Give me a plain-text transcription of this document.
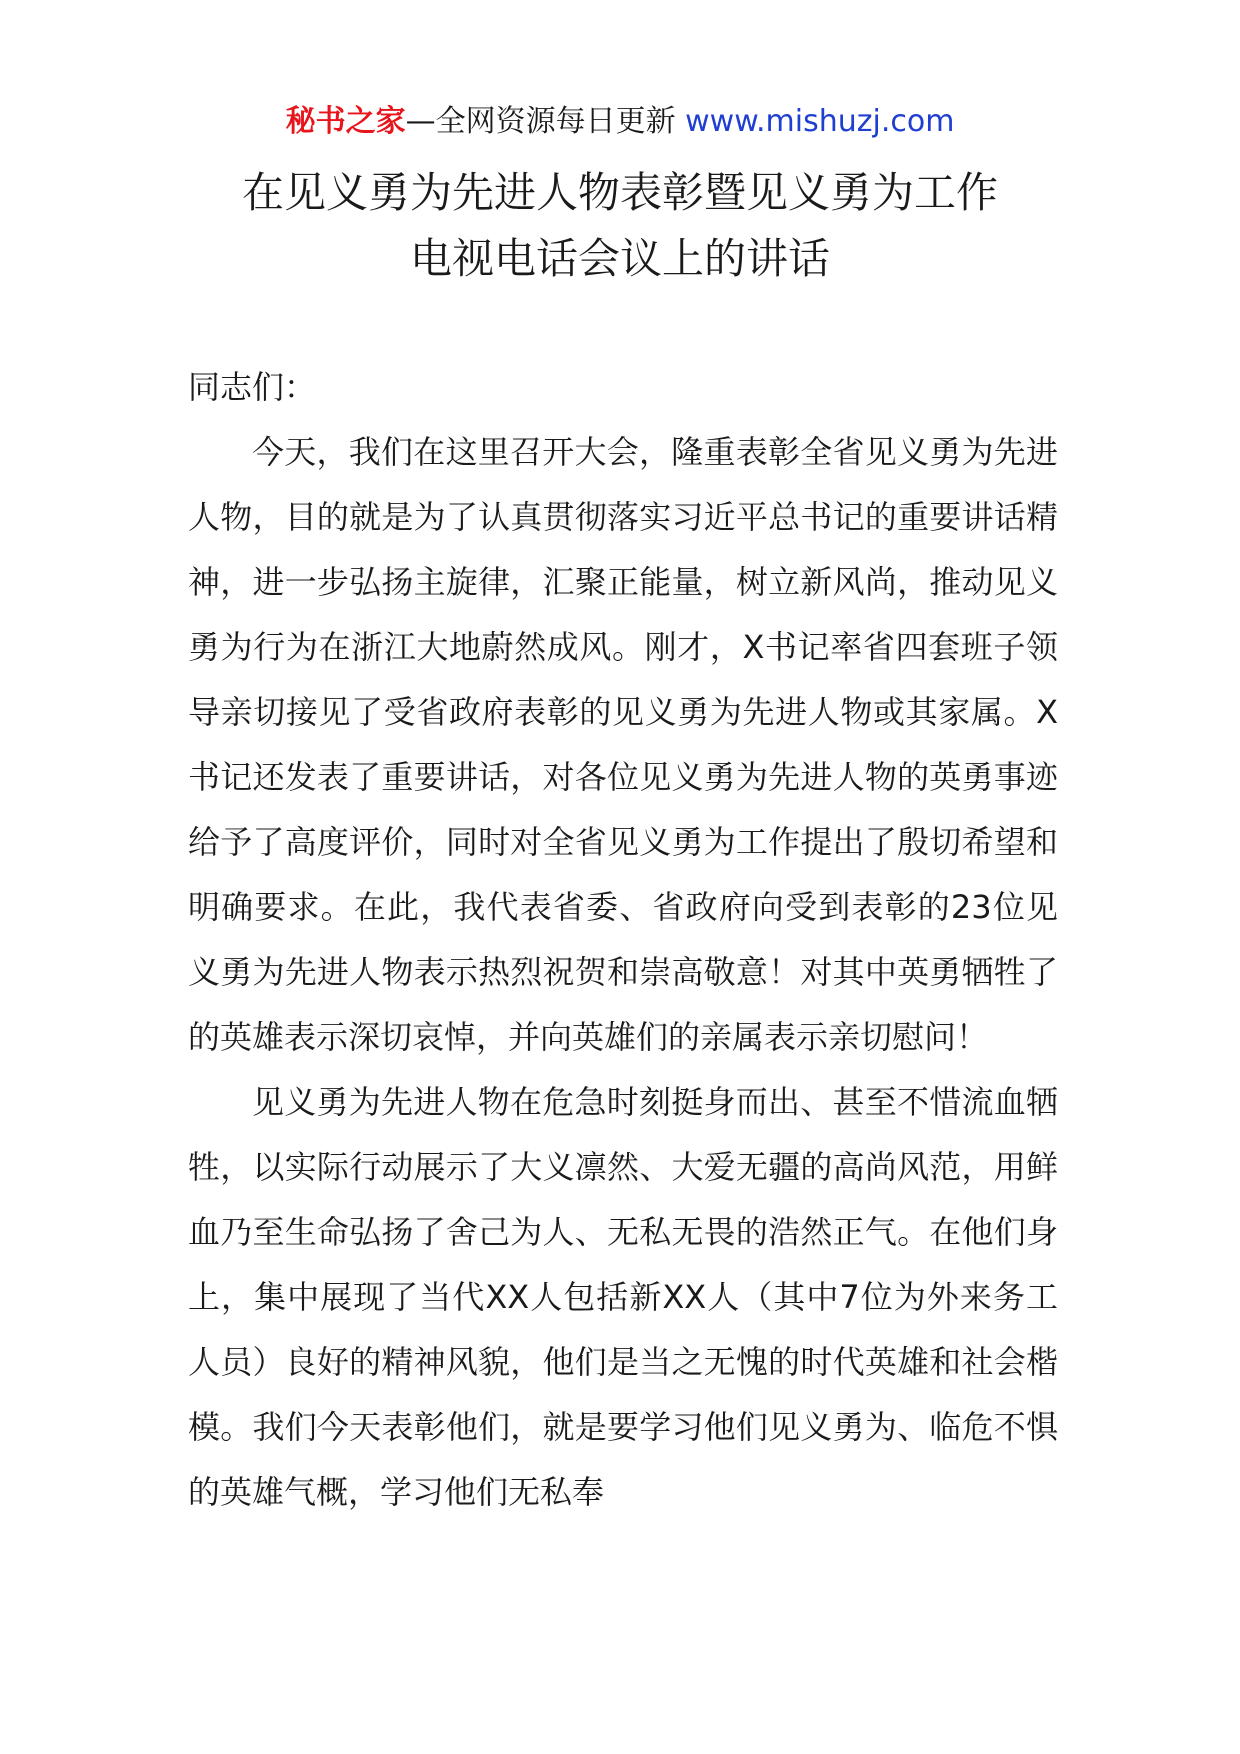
秘书之家—全网资源每日更新 www.mishuzj.com
在见义勇为先进人物表彰暨见义勇为工作
电视电话会议上的讲话

同志们：

今天，我们在这里召开大会，隆重表彰全省见义勇为先进人物，目的就是为了认真贯彻落实习近平总书记的重要讲话精神，进一步弘扬主旋律，汇聚正能量，树立新风尚，推动见义勇为行为在浙江大地蔚然成风。刚才，X书记率省四套班子领导亲切接见了受省政府表彰的见义勇为先进人物或其家属。X书记还发表了重要讲话，对各位见义勇为先进人物的英勇事迹给予了高度评价，同时对全省见义勇为工作提出了殷切希望和明确要求。在此，我代表省委、省政府向受到表彰的23位见义勇为先进人物表示热烈祝贺和崇高敬意！对其中英勇牺牲了的英雄表示深切哀悼，并向英雄们的亲属表示亲切慰问！

见义勇为先进人物在危急时刻挺身而出、甚至不惜流血牺牲，以实际行动展示了大义凛然、大爱无疆的高尚风范，用鲜血乃至生命弘扬了舍己为人、无私无畏的浩然正气。在他们身上，集中展现了当代XX人包括新XX人（其中7位为外来务工人员）良好的精神风貌，他们是当之无愧的时代英雄和社会楷模。我们今天表彰他们，就是要学习他们见义勇为、临危不惧的英雄气概，学习他们无私奉
